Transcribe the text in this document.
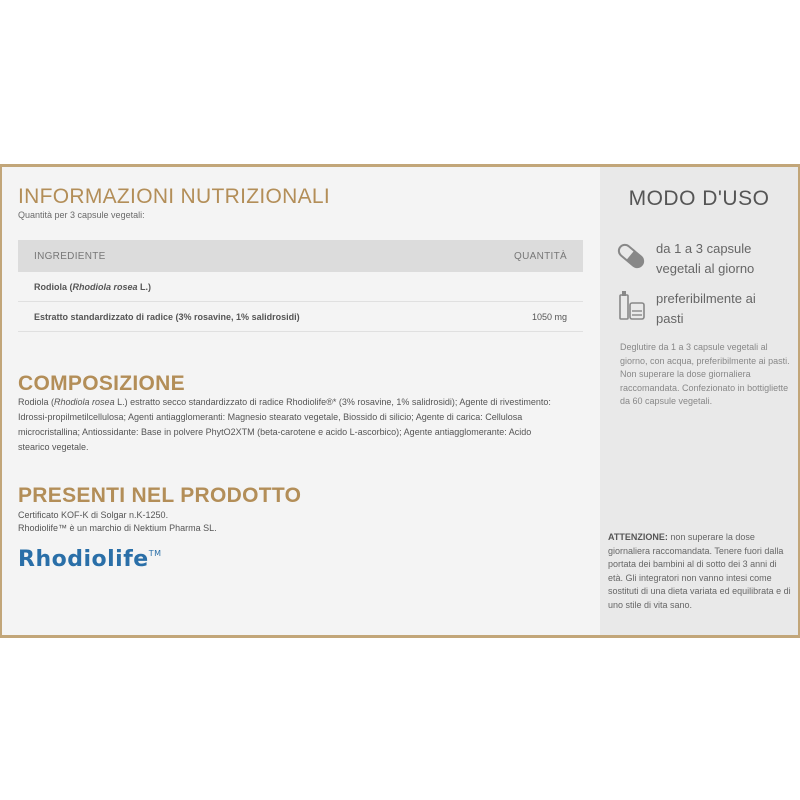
INFORMAZIONI NUTRIZIONALI
Quantità per 3 capsule vegetali:
INGREDIENTE	QUANTITÀ
Rodiola (Rhodiola rosea L.)
Estratto standardizzato di radice (3% rosavine, 1% salidrosidi)	1050 mg
COMPOSIZIONE
Rodiola (Rhodiola rosea L.) estratto secco standardizzato di radice Rhodiolife®* (3% rosavine, 1% salidrosidi); Agente di rivestimento: Idrossi-propilmetilcellulosa; Agenti antiagglomeranti: Magnesio stearato vegetale, Biossido di silicio; Agente di carica: Cellulosa microcristallina; Antiossidante: Base in polvere PhytO2XTM (beta-carotene e acido L-ascorbico); Agente antiagglomerante: Acido stearico vegetale.
PRESENTI NEL PRODOTTO
Certificato KOF-K di Solgar n.K-1250.
Rhodiolife™ è un marchio di Nektium Pharma SL.
Rhodiolife™
MODO D'USO
da 1 a 3 capsule vegetali al giorno
preferibilmente ai pasti
Deglutire da 1 a 3 capsule vegetali al giorno, con acqua, preferibilmente ai pasti. Non superare la dose giornaliera raccomandata. Confezionato in bottigliette da 60 capsule vegetali.
ATTENZIONE: non superare la dose giornaliera raccomandata. Tenere fuori dalla portata dei bambini al di sotto dei 3 anni di età. Gli integratori non vanno intesi come sostituti di una dieta variata ed equilibrata e di uno stile di vita sano.
